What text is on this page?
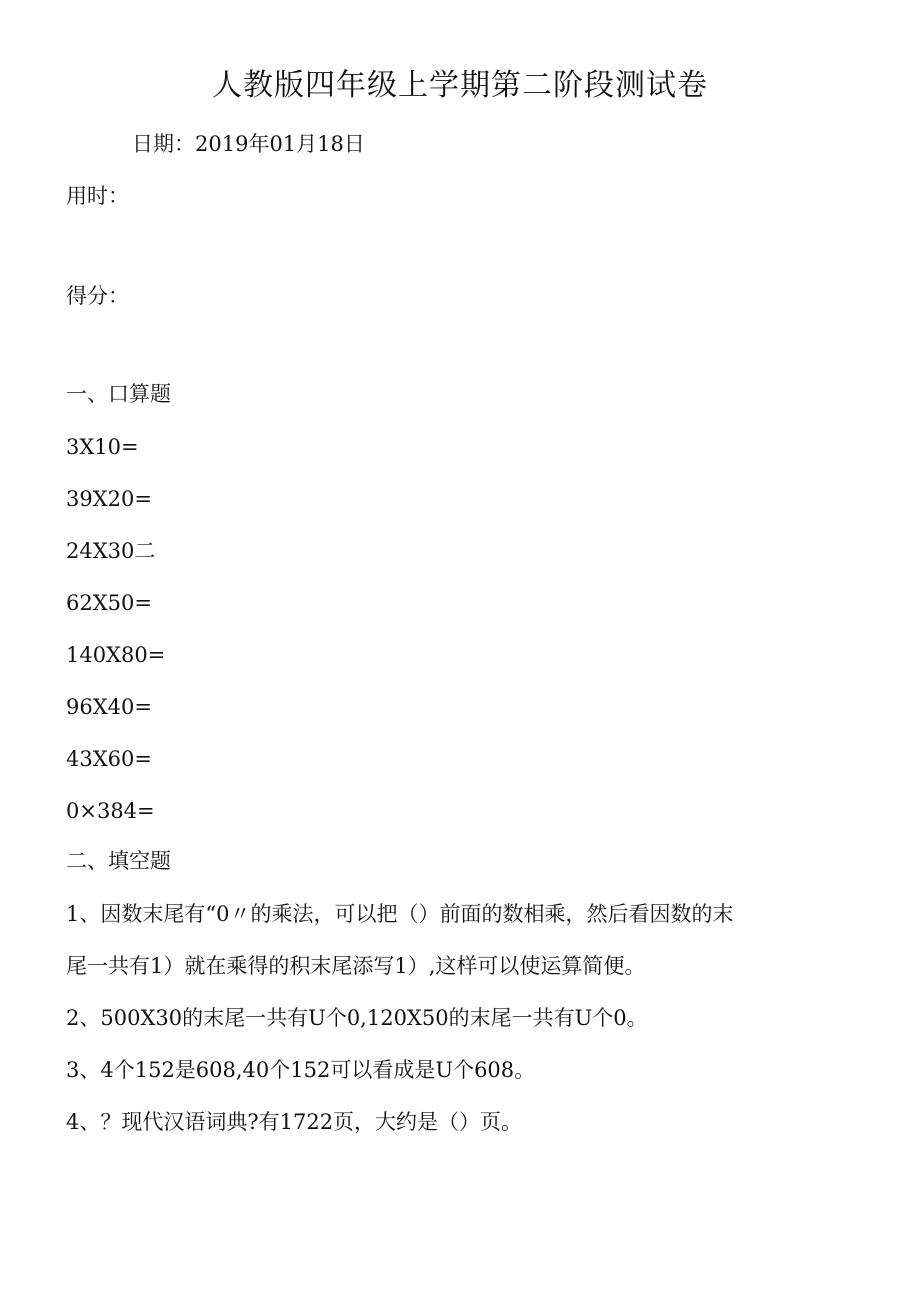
人教版四年级上学期第二阶段测试卷

日期：2019年01月18日

用时：

得分：

一、口算题

3X10=

39X20=

24X30二

62X50=

140X80=

96X40=

43X60=

0×384=

二、填空题

1、因数末尾有“0〃的乘法，可以把（）前面的数相乘，然后看因数的末

尾一共有1）就在乘得的积末尾添写1）,这样可以使运算简便。

2、500X30的末尾一共有U个0,120X50的末尾一共有U个0。

3、4个152是608,40个152可以看成是U个608。

4、？现代汉语词典?有1722页，大约是（）页。
